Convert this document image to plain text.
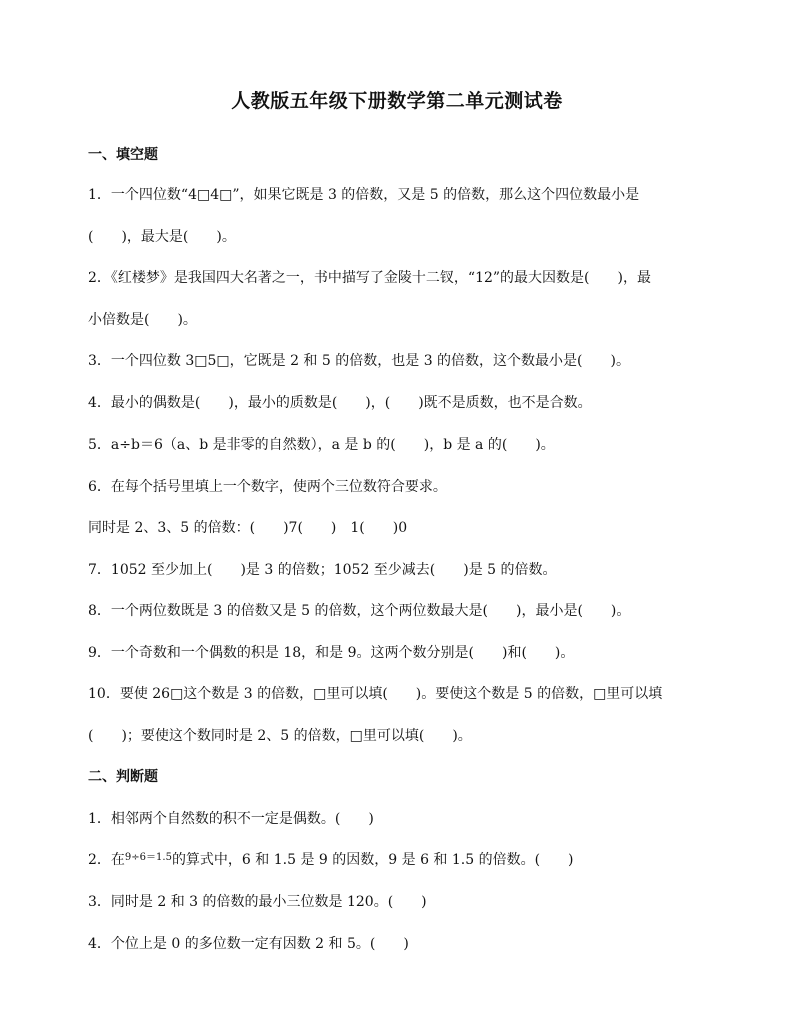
人教版五年级下册数学第二单元测试卷
一、填空题
1．一个四位数“4□4□”，如果它既是 3 的倍数，又是 5 的倍数，那么这个四位数最小是
(　　)，最大是(　　)。
2．《红楼梦》是我国四大名著之一，书中描写了金陵十二钗，“12”的最大因数是(　　)，最
小倍数是(　　)。
3．一个四位数 3□5□，它既是 2 和 5 的倍数，也是 3 的倍数，这个数最小是(　　)。
4．最小的偶数是(　　)，最小的质数是(　　)，(　　)既不是质数，也不是合数。
5．a÷b＝6（a、b 是非零的自然数），a 是 b 的(　　)，b 是 a 的(　　)。
6．在每个括号里填上一个数字，使两个三位数符合要求。
同时是 2、3、5 的倍数：(　　)7(　　)　1(　　)0
7．1052 至少加上(　　)是 3 的倍数；1052 至少减去(　　)是 5 的倍数。
8．一个两位数既是 3 的倍数又是 5 的倍数，这个两位数最大是(　　)，最小是(　　)。
9．一个奇数和一个偶数的积是 18，和是 9。这两个数分别是(　　)和(　　)。
10．要使 26□这个数是 3 的倍数，□里可以填(　　)。要使这个数是 5 的倍数，□里可以填
(　　)；要使这个数同时是 2、5 的倍数，□里可以填(　　)。
二、判断题
1．相邻两个自然数的积不一定是偶数。(　　)
2．在$^{9\div 6=1.5}$的算式中，6 和 1.5 是 9 的因数，9 是 6 和 1.5 的倍数。(　　)
3．同时是 2 和 3 的倍数的最小三位数是 120。(　　)
4．个位上是 0 的多位数一定有因数 2 和 5。(　　)
